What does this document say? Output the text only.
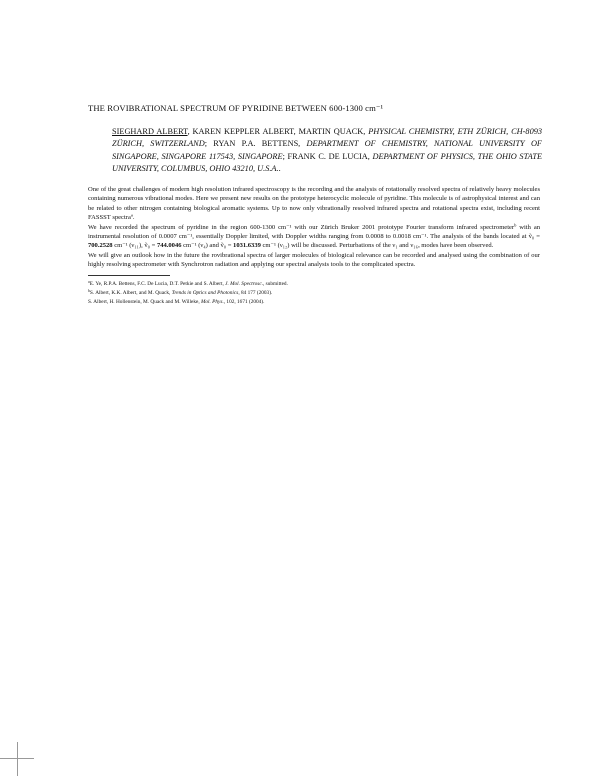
THE ROVIBRATIONAL SPECTRUM OF PYRIDINE BETWEEN 600-1300 cm⁻¹
SIEGHARD ALBERT, KAREN KEPPLER ALBERT, MARTIN QUACK, PHYSICAL CHEMISTRY, ETH ZÜRICH, CH-8093 ZÜRICH, SWITZERLAND; RYAN P.A. BETTENS, DEPARTMENT OF CHEMISTRY, NATIONAL UNIVERSITY OF SINGAPORE, SINGAPORE 117543, SINGAPORE; FRANK C. DE LUCIA, DEPARTMENT OF PHYSICS, THE OHIO STATE UNIVERSITY, COLUMBUS, OHIO 43210, U.S.A..

One of the great challenges of modern high resolution infrared spectroscopy is the recording and the analysis of rotationally resolved spectra of relatively heavy molecules containing numerous vibrational modes. Here we present new results on the prototype heterocyclic molecule of pyridine. This molecule is of astrophysical interest and can be related to other nitrogen containing biological aromatic systems. Up to now only vibrationally resolved infrared spectra and rotational spectra exist, including recent FASSST spectra$^a$.

We have recorded the spectrum of pyridine in the region 600-1300 cm⁻¹ with our Zürich Bruker 2001 prototype Fourier transform infrared spectrometer$^b$ with an instrumental resolution of 0.0007 cm⁻¹, essentially Doppler limited, with Doppler widths ranging from 0.0008 to 0.0018 cm⁻¹. The analysis of the bands located at ṽ₀ = 700.2528 cm⁻¹ (ν₁₁), ṽ₀ = 744.0046 cm⁻¹ (ν₄) and ṽ₀ = 1031.6339 cm⁻¹ (ν₁₂) will be discussed. Perturbations of the ν₁ and ν₁₆ₐ modes have been observed.

We will give an outlook how in the future the rovibrational spectra of larger molecules of biological relevance can be recorded and analysed using the combination of our highly resolving spectrometer with Synchrotron radiation and applying our spectral analysis tools to the complicated spectra.

$^a$E. Ye, R.P.A. Bettens, F.C. De Lucia, D.T. Petkie and S. Albert, J. Mol. Spectrosc., submitted.
$^b$S. Albert, K.K. Albert, and M. Quack, Trends in Optics and Photonics, 84 177 (2003).
S. Albert, H. Hollenstein, M. Quack and M. Willeke, Mol. Phys., 102, 1671 (2004).
